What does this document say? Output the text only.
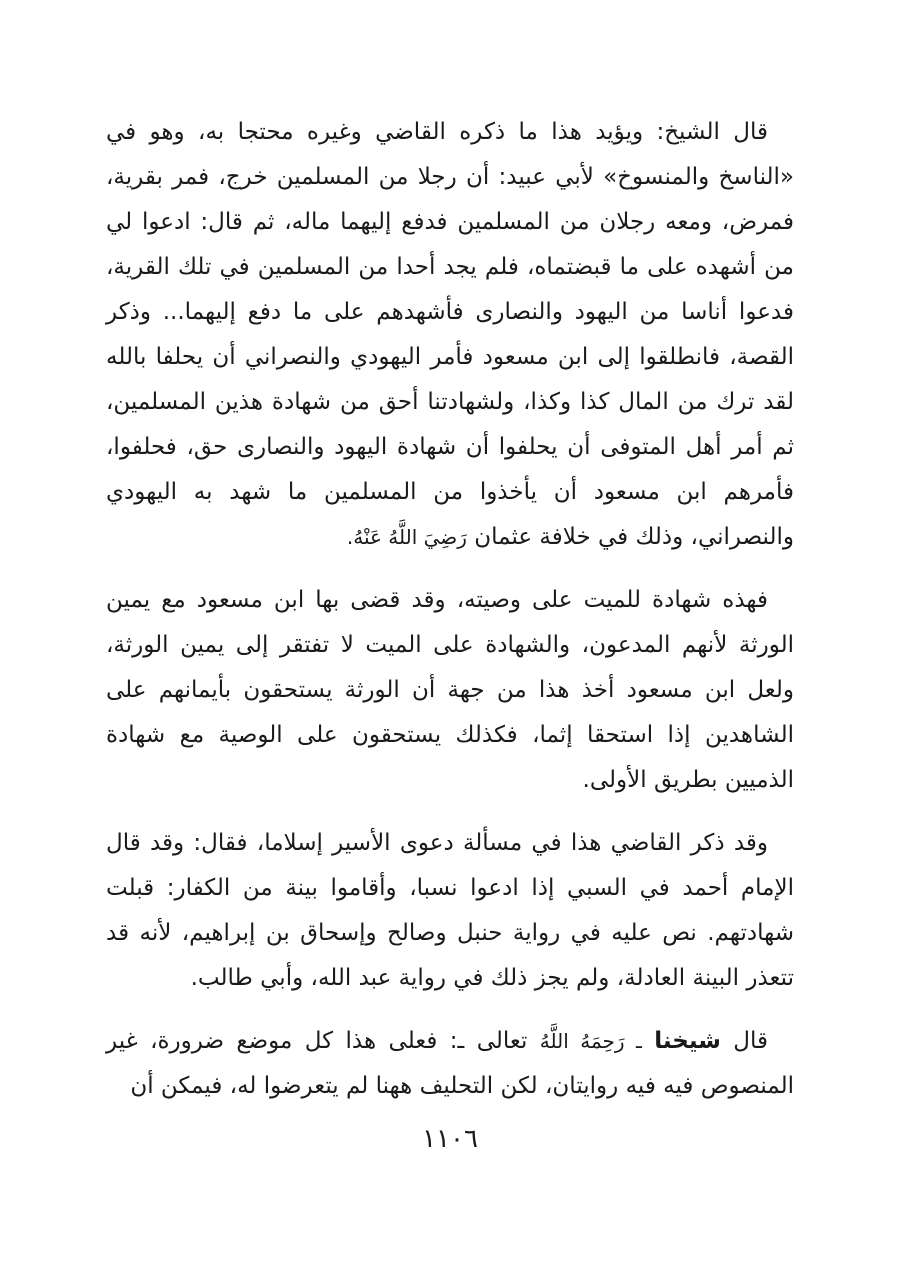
قال الشيخ: ويؤيد هذا ما ذكره القاضي وغيره محتجا به، وهو في «الناسخ والمنسوخ» لأبي عبيد: أن رجلا من المسلمين خرج، فمر بقرية، فمرض، ومعه رجلان من المسلمين فدفع إليهما ماله، ثم قال: ادعوا لي من أشهده على ما قبضتماه، فلم يجد أحدا من المسلمين في تلك القرية، فدعوا أناسا من اليهود والنصارى فأشهدهم على ما دفع إليهما... وذكر القصة، فانطلقوا إلى ابن مسعود فأمر اليهودي والنصراني أن يحلفا بالله لقد ترك من المال كذا وكذا، ولشهادتنا أحق من شهادة هذين المسلمين، ثم أمر أهل المتوفى أن يحلفوا أن شهادة اليهود والنصارى حق، فحلفوا، فأمرهم ابن مسعود أن يأخذوا من المسلمين ما شهد به اليهودي والنصراني، وذلك في خلافة عثمان رَضِيَ اللَّهُ عَنْهُ.

فهذه شهادة للميت على وصيته، وقد قضى بها ابن مسعود مع يمين الورثة لأنهم المدعون، والشهادة على الميت لا تفتقر إلى يمين الورثة، ولعل ابن مسعود أخذ هذا من جهة أن الورثة يستحقون بأيمانهم على الشاهدين إذا استحقا إثما، فكذلك يستحقون على الوصية مع شهادة الذميين بطريق الأولى.

وقد ذكر القاضي هذا في مسألة دعوى الأسير إسلاما، فقال: وقد قال الإمام أحمد في السبي إذا ادعوا نسبا، وأقاموا بينة من الكفار: قبلت شهادتهم. نص عليه في رواية حنبل وصالح وإسحاق بن إبراهيم، لأنه قد تتعذر البينة العادلة، ولم يجز ذلك في رواية عبد الله، وأبي طالب.

قال شيخنا ـ رَحِمَهُ اللَّهُ تعالى ـ: فعلى هذا كل موضع ضرورة، غير المنصوص فيه فيه روايتان، لكن التحليف ههنا لم يتعرضوا له، فيمكن أن

١١٠٦
